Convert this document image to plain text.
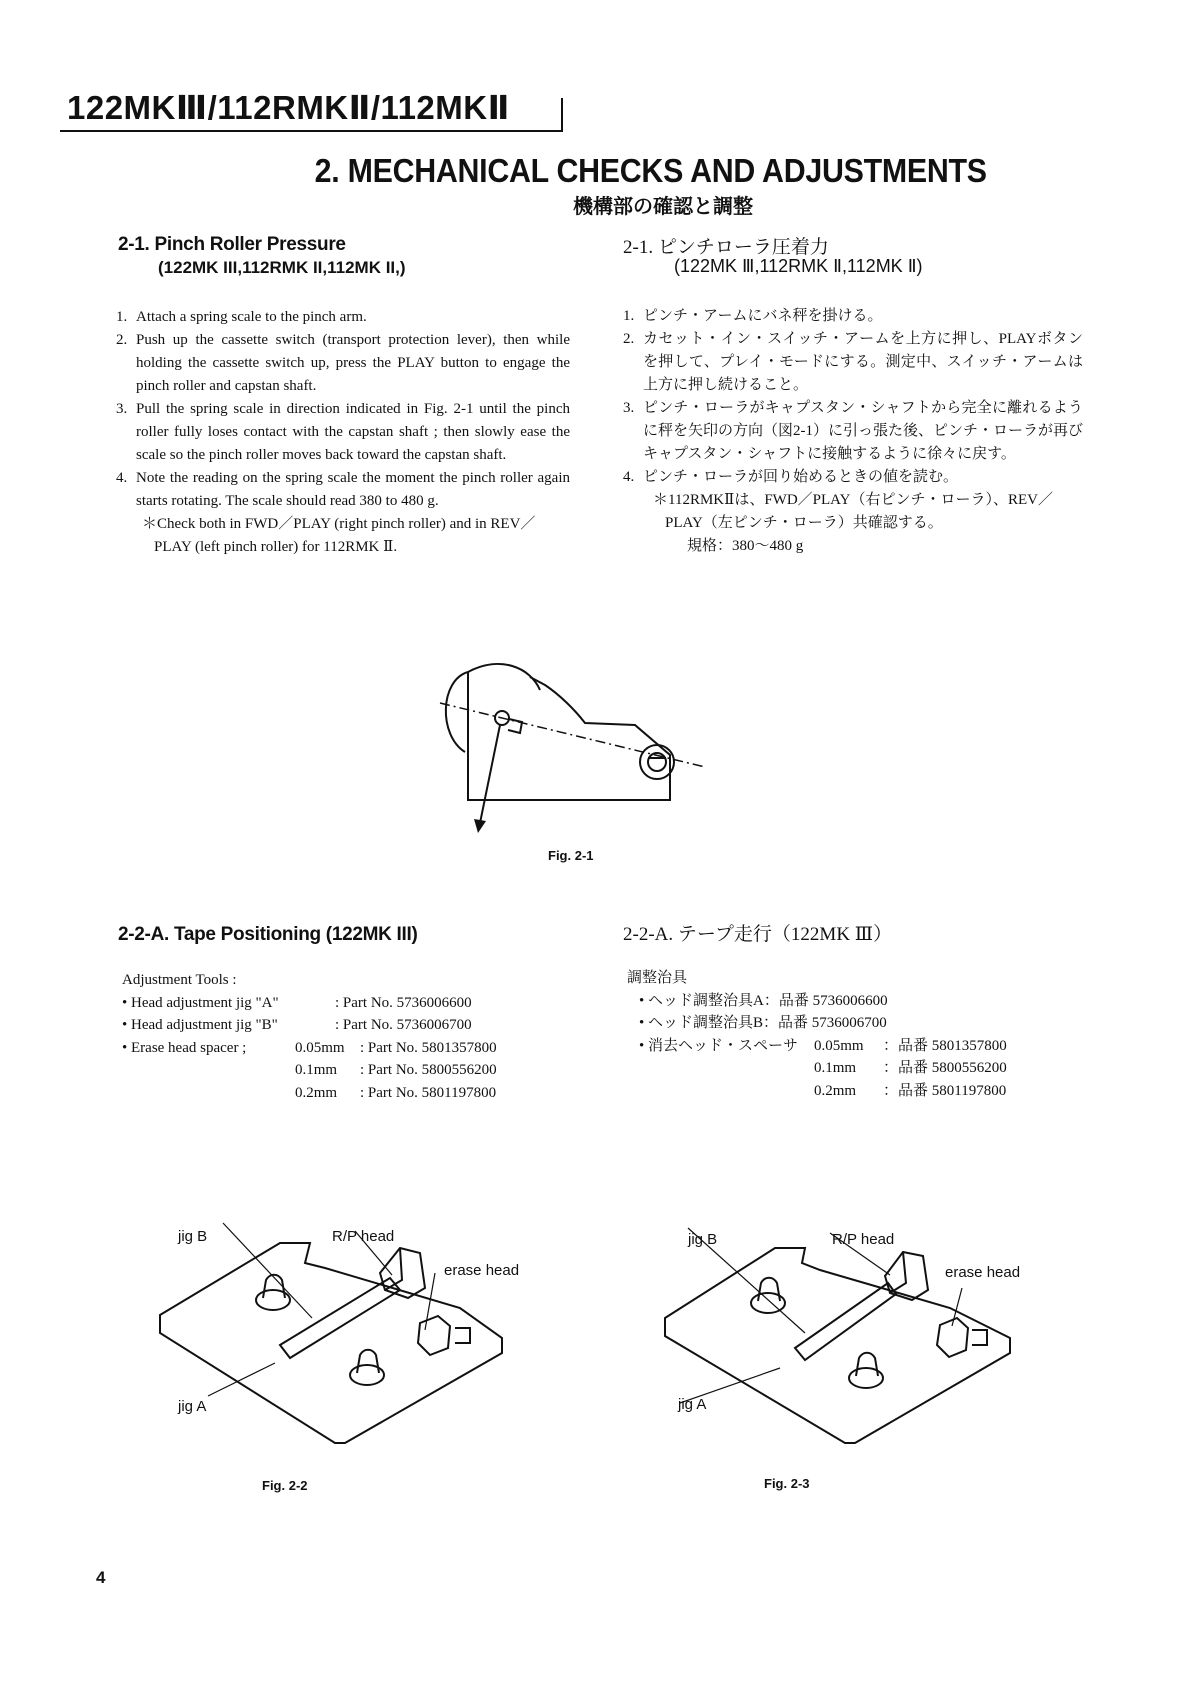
122MKⅢ/112RMKⅡ/112MKⅡ
2. MECHANICAL CHECKS AND ADJUSTMENTS
機構部の確認と調整
2-1. Pinch Roller Pressure
(122MK III,112RMK II,112MK II,)
1. Attach a spring scale to the pinch arm.
2. Push up the cassette switch (transport protection lever), then while holding the cassette switch up, press the PLAY button to engage the pinch roller and capstan shaft.
3. Pull the spring scale in direction indicated in Fig. 2-1 until the pinch roller fully loses contact with the capstan shaft ; then slowly ease the scale so the pinch roller moves back toward the capstan shaft.
4. Note the reading on the spring scale the moment the pinch roller again starts rotating. The scale should read 380 to 480 g.
＊Check both in FWD／PLAY (right pinch roller) and in REV／PLAY (left pinch roller) for 112RMK Ⅱ.
2-1. ピンチローラ圧着力
(122MK Ⅲ,112RMK Ⅱ,112MK Ⅱ)
1. ピンチ・アームにバネ秤を掛ける。
2. カセット・イン・スイッチ・アームを上方に押し、PLAYボタンを押して、プレイ・モードにする。測定中、スイッチ・アームは上方に押し続けること。
3. ピンチ・ローラがキャプスタン・シャフトから完全に離れるように秤を矢印の方向（図2-1）に引っ張た後、ピンチ・ローラが再びキャプスタン・シャフトに接触するように徐々に戻す。
4. ピンチ・ローラが回り始めるときの値を読む。
＊112RMKⅡは、FWD／PLAY（右ピンチ・ローラ）、REV／PLAY（左ピンチ・ローラ）共確認する。
規格：380〜480 g
Fig. 2-1
2-2-A. Tape Positioning (122MK III)
Adjustment Tools :
• Head adjustment jig "A"	: Part No. 5736006600
• Head adjustment jig "B"	: Part No. 5736006700
• Erase head spacer ;	0.05mm : Part No. 5801357800
0.1mm : Part No. 5800556200
0.2mm : Part No. 5801197800
2-2-A. テープ走行（122MK Ⅲ）
調整治具
• ヘッド調整治具A：品番 5736006600
• ヘッド調整治具B：品番 5736006700
• 消去ヘッド・スペーサ 0.05mm ：品番 5801357800
0.1mm ：品番 5800556200
0.2mm ：品番 5801197800
jig B	R/P head
erase head
jig A
Fig. 2-2
jig B	R/P head
erase head
jig A
Fig. 2-3
4
